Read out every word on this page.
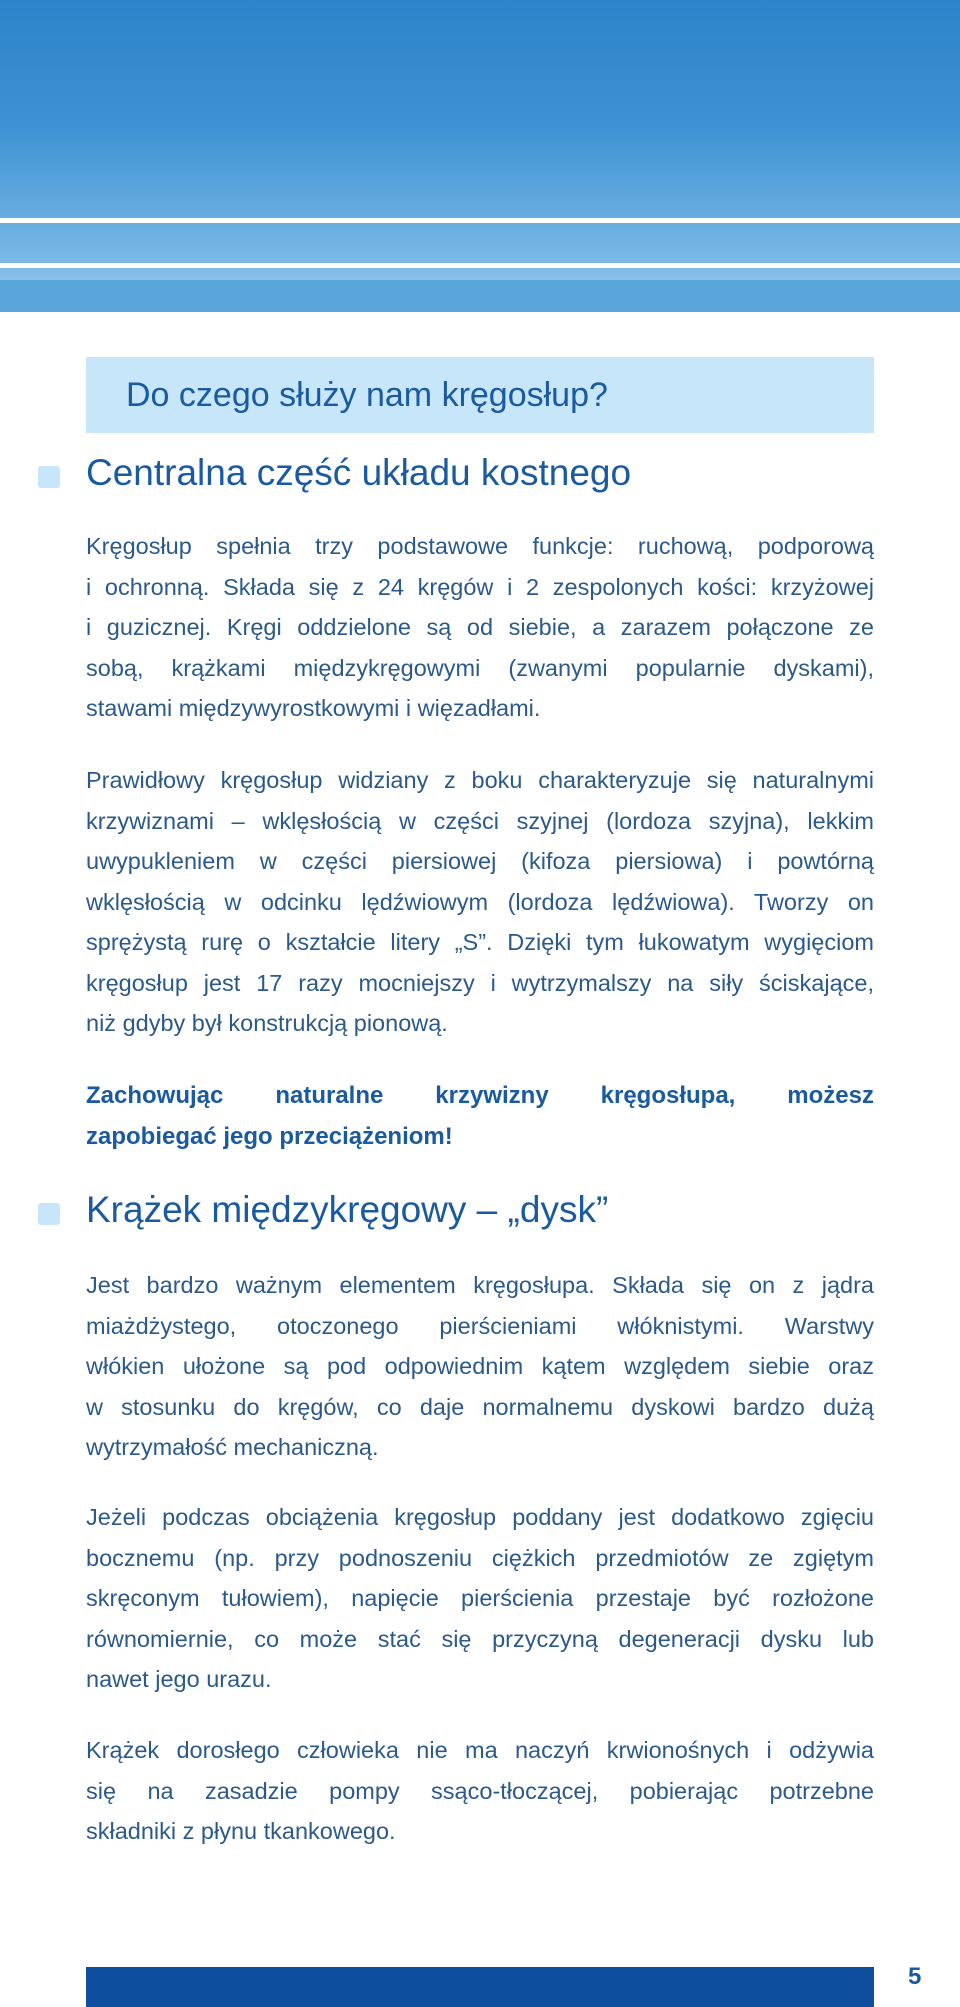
Do czego służy nam kręgosłup?
Centralna część układu kostnego

Kręgosłup spełnia trzy podstawowe funkcje: ruchową, podporową
i ochronną. Składa się z 24 kręgów i 2 zespolonych kości: krzyżowej
i guzicznej. Kręgi oddzielone są od siebie, a zarazem połączone ze
sobą, krążkami międzykręgowymi (zwanymi popularnie dyskami),
stawami międzywyrostkowymi i więzadłami.

Prawidłowy kręgosłup widziany z boku charakteryzuje się naturalnymi
krzywiznami – wklęsłością w części szyjnej (lordoza szyjna), lekkim
uwypukleniem w części piersiowej (kifoza piersiowa) i powtórną
wklęsłością w odcinku lędźwiowym (lordoza lędźwiowa). Tworzy on
sprężystą rurę o kształcie litery „S”. Dzięki tym łukowatym wygięciom
kręgosłup jest 17 razy mocniejszy i wytrzymalszy na siły ściskające,
niż gdyby był konstrukcją pionową.

Zachowując naturalne krzywizny kręgosłupa, możesz
zapobiegać jego przeciążeniom!

Krążek międzykręgowy – „dysk”

Jest bardzo ważnym elementem kręgosłupa. Składa się on z jądra
miażdżystego, otoczonego pierścieniami włóknistymi. Warstwy
włókien ułożone są pod odpowiednim kątem względem siebie oraz
w stosunku do kręgów, co daje normalnemu dyskowi bardzo dużą
wytrzymałość mechaniczną.

Jeżeli podczas obciążenia kręgosłup poddany jest dodatkowo zgięciu
bocznemu (np. przy podnoszeniu ciężkich przedmiotów ze zgiętym
skręconym tułowiem), napięcie pierścienia przestaje być rozłożone
równomiernie, co może stać się przyczyną degeneracji dysku lub
nawet jego urazu.

Krążek dorosłego człowieka nie ma naczyń krwionośnych i odżywia
się na zasadzie pompy ssąco-tłoczącej, pobierając potrzebne
składniki z płynu tkankowego.

5
